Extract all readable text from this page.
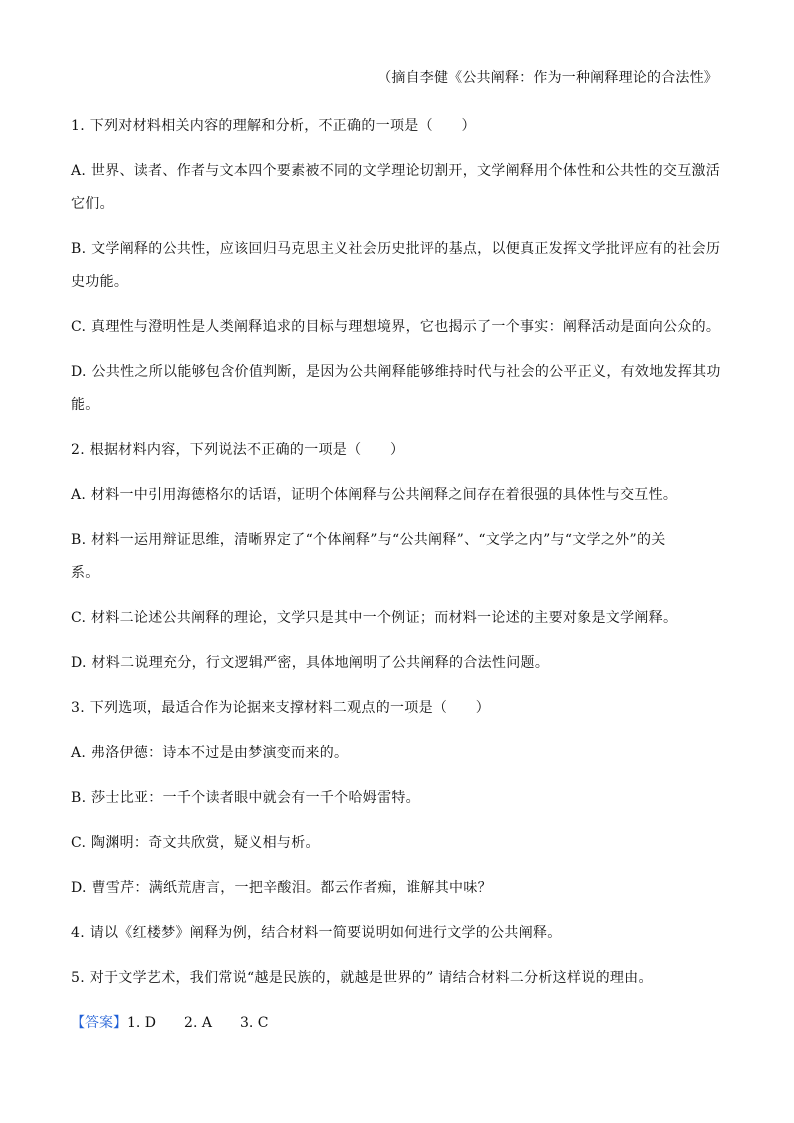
（摘自李健《公共阐释：作为一种阐释理论的合法性》

1. 下列对材料相关内容的理解和分析，不正确的一项是（　　）

A. 世界、读者、作者与文本四个要素被不同的文学理论切割开，文学阐释用个体性和公共性的交互激活

它们。

B. 文学阐释的公共性，应该回归马克思主义社会历史批评的基点，以便真正发挥文学批评应有的社会历

史功能。

C. 真理性与澄明性是人类阐释追求的目标与理想境界，它也揭示了一个事实：阐释活动是面向公众的。

D. 公共性之所以能够包含价值判断，是因为公共阐释能够维持时代与社会的公平正义，有效地发挥其功

能。

2. 根据材料内容，下列说法不正确的一项是（　　）

A. 材料一中引用海德格尔的话语，证明个体阐释与公共阐释之间存在着很强的具体性与交互性。

B. 材料一运用辩证思维，清晰界定了“个体阐释”与“公共阐释”、“文学之内”与“文学之外”的关

系。

C. 材料二论述公共阐释的理论，文学只是其中一个例证；而材料一论述的主要对象是文学阐释。

D. 材料二说理充分，行文逻辑严密，具体地阐明了公共阐释的合法性问题。

3. 下列选项，最适合作为论据来支撑材料二观点的一项是（　　）

A. 弗洛伊德：诗本不过是由梦演变而来的。

B. 莎士比亚：一千个读者眼中就会有一千个哈姆雷特。

C. 陶渊明：奇文共欣赏，疑义相与析。

D. 曹雪芹：满纸荒唐言，一把辛酸泪。都云作者痴，谁解其中味？

4. 请以《红楼梦》阐释为例，结合材料一简要说明如何进行文学的公共阐释。

5. 对于文学艺术，我们常说“越是民族的，就越是世界的” 请结合材料二分析这样说的理由。

【答案】1. D　　2. A　　3. C
